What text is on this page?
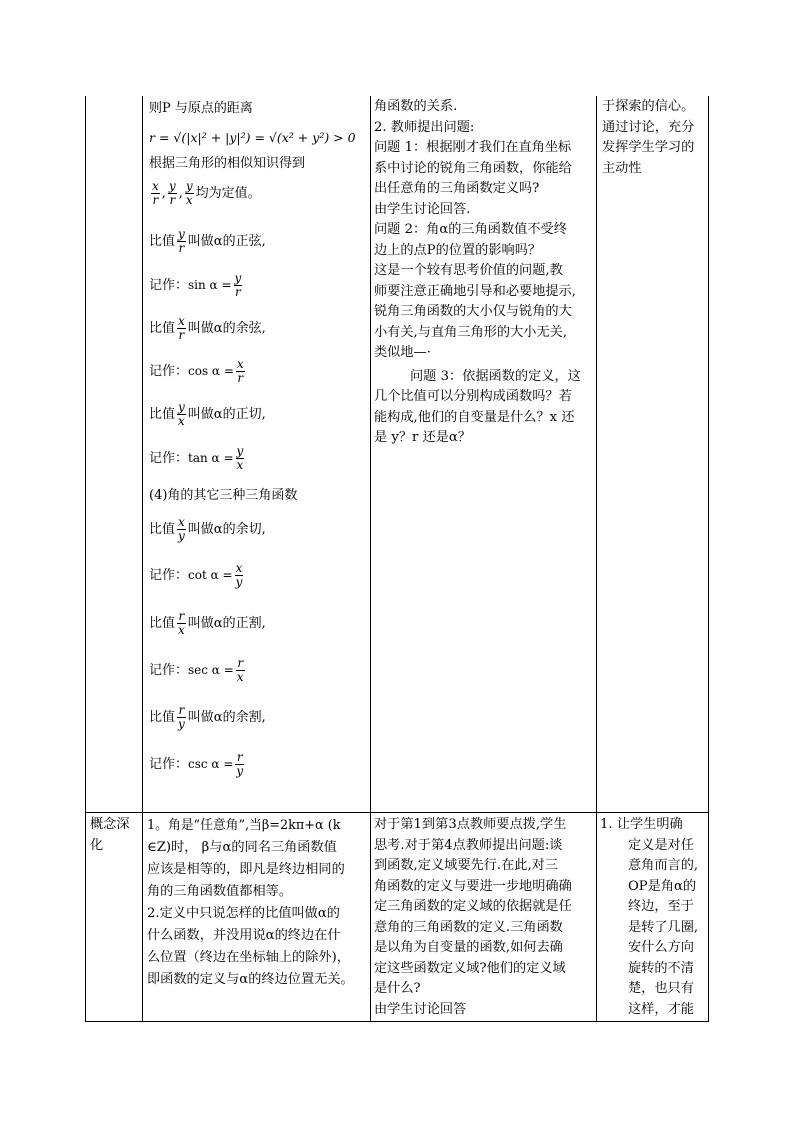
则P 与原点的距离
r = √(|x|² + |y|²) = √(x² + y²) > 0
根据三角形的相似知识得到
$\frac{x}{r}$ , $\frac{y}{r}$ , $\frac{y}{x}$ 均为定值。
比值 $\frac{y}{r}$ 叫做α的正弦,
记作：$\sin \alpha = \frac{y}{r}$
比值 $\frac{x}{r}$ 叫做α的余弦,
记作：$\cos \alpha = \frac{x}{r}$
比值 $\frac{y}{x}$ 叫做α的正切,
记作：$\tan \alpha = \frac{y}{x}$
(4)角的其它三种三角函数
比值 $\frac{x}{y}$ 叫做α的余切,
记作：$\cot \alpha = \frac{x}{y}$
比值 $\frac{r}{x}$ 叫做α的正割,
记作：$\sec \alpha = \frac{r}{x}$
比值 $\frac{r}{y}$ 叫做α的余割,
记作：$\csc \alpha = \frac{r}{y}$
角函数的关系.
2. 教师提出问题:
问题 1：根据刚才我们在直角坐标
系中讨论的锐角三角函数，你能给
出任意角的三角函数定义吗?
由学生讨论回答.
问题 2：角α的三角函数值不受终
边上的点P的位置的影响吗？
这是一个较有思考价值的问题,教
师要注意正确地引导和必要地提示,
锐角三角函数的大小仅与锐角的大
小有关,与直角三角形的大小无关,
类似地—·
问题 3：依据函数的定义，这
几个比值可以分别构成函数吗？若
能构成,他们的自变量是什么？x 还
是 y？r 还是α？
于探索的信心。
通过讨论，充分
发挥学生学习的
主动性
概念深
化
1。角是“任意角”,当β=2kπ+α (k
∈Z)时， β与α的同名三角函数值
应该是相等的，即凡是终边相同的
角的三角函数值都相等。
2.定义中只说怎样的比值叫做α的
什么函数，并没用说α的终边在什
么位置（终边在坐标轴上的除外)，
即函数的定义与α的终边位置无关。
对于第1到第3点教师要点拨,学生
思考.对于第4点教师提出问题:谈
到函数,定义域要先行.在此,对三
角函数的定义与要进一步地明确确
定三角函数的定义域的依据就是任
意角的三角函数的定义.三角函数
是以角为自变量的函数,如何去确
定这些函数定义域?他们的定义域
是什么?
由学生讨论回答
1. 让学生明确
定义是对任
意角而言的,
OP是角α的
终边，至于
是转了几圈,
安什么方向
旋转的不清
楚，也只有
这样，才能
